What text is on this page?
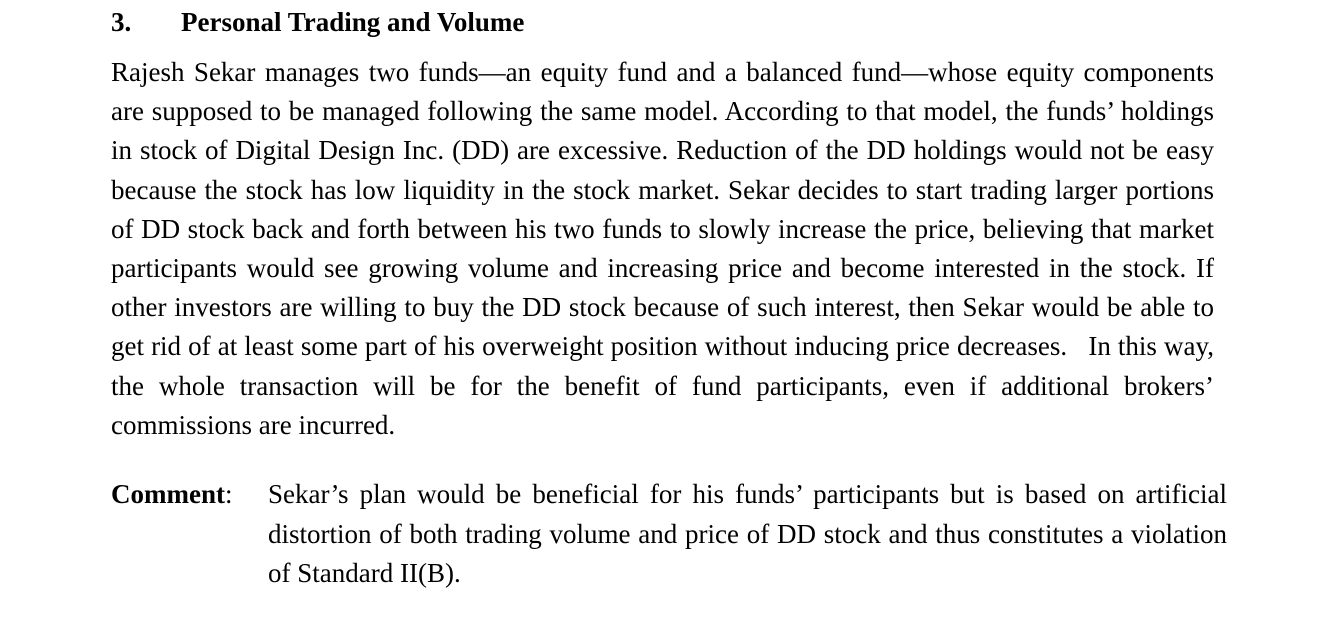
3. Personal Trading and Volume

Rajesh Sekar manages two funds—an equity fund and a balanced fund—whose equity components are supposed to be managed following the same model. According to that model, the funds’ holdings in stock of Digital Design Inc. (DD) are excessive. Reduction of the DD holdings would not be easy because the stock has low liquidity in the stock market. Sekar decides to start trading larger portions of DD stock back and forth between his two funds to slowly increase the price, believing that market participants would see growing volume and increasing price and become interested in the stock. If other investors are willing to buy the DD stock because of such interest, then Sekar would be able to get rid of at least some part of his overweight position without inducing price decreases.   In this way, the whole transaction will be for the benefit of fund participants, even if additional brokers’ commissions are incurred.

Comment: Sekar’s plan would be beneficial for his funds’ participants but is based on artificial distortion of both trading volume and price of DD stock and thus constitutes a violation of Standard II(B).
